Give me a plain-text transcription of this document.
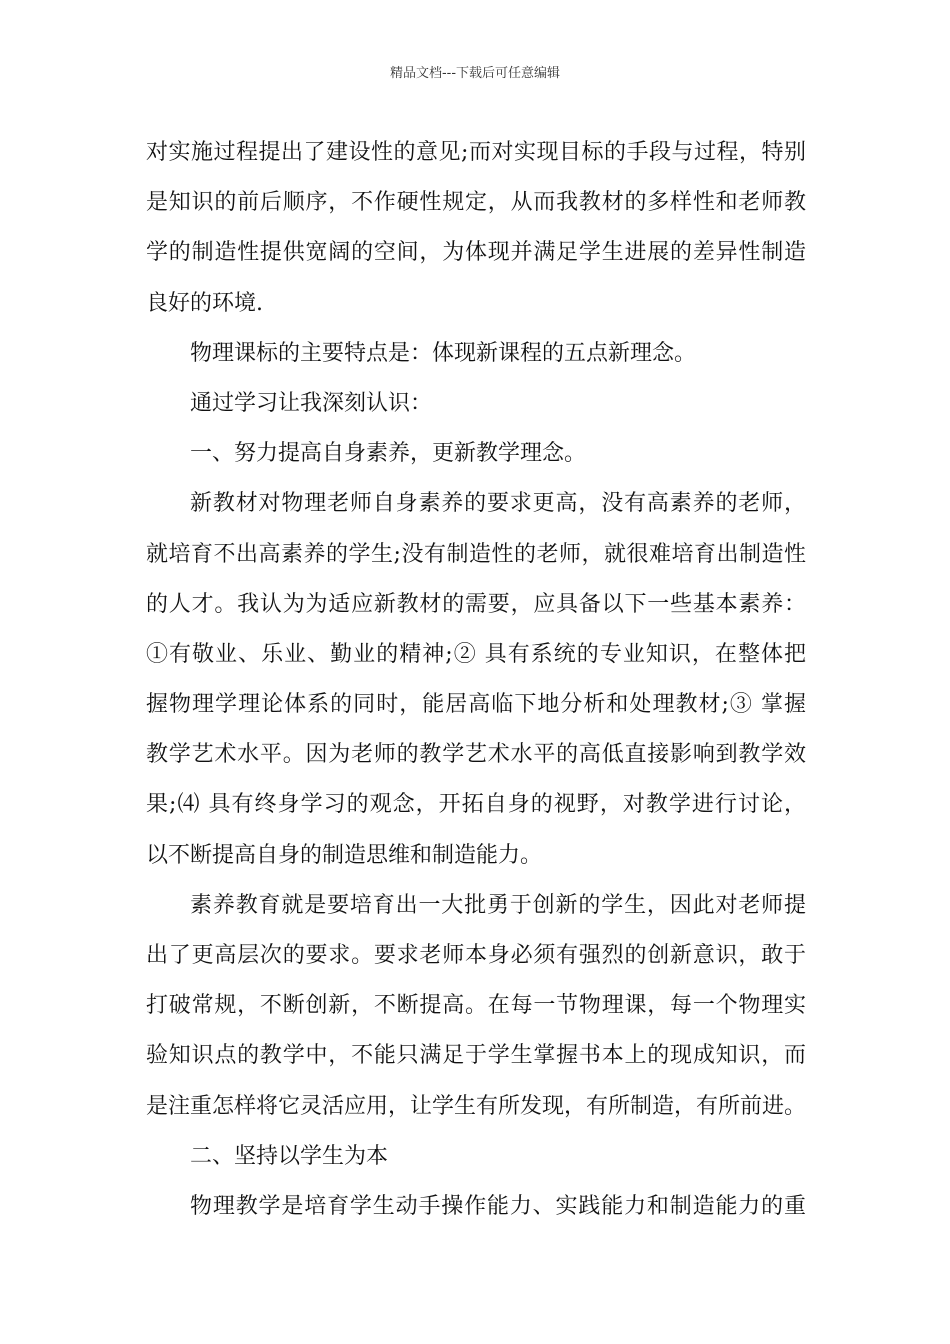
精品文档---下载后可任意编辑
对实施过程提出了建设性的意见;而对实现目标的手段与过程，特别
是知识的前后顺序，不作硬性规定，从而我教材的多样性和老师教
学的制造性提供宽阔的空间，为体现并满足学生进展的差异性制造
良好的环境.
物理课标的主要特点是：体现新课程的五点新理念。
通过学习让我深刻认识：
一、努力提高自身素养，更新教学理念。
新教材对物理老师自身素养的要求更高，没有高素养的老师，
就培育不出高素养的学生;没有制造性的老师，就很难培育出制造性
的人才。我认为为适应新教材的需要，应具备以下一些基本素养：
①有敬业、乐业、勤业的精神;② 具有系统的专业知识，在整体把
握物理学理论体系的同时，能居高临下地分析和处理教材;③ 掌握
教学艺术水平。因为老师的教学艺术水平的高低直接影响到教学效
果;⑷ 具有终身学习的观念，开拓自身的视野，对教学进行讨论，
以不断提高自身的制造思维和制造能力。
素养教育就是要培育出一大批勇于创新的学生，因此对老师提
出了更高层次的要求。要求老师本身必须有强烈的创新意识，敢于
打破常规，不断创新，不断提高。在每一节物理课，每一个物理实
验知识点的教学中，不能只满足于学生掌握书本上的现成知识，而
是注重怎样将它灵活应用，让学生有所发现，有所制造，有所前进。
二、坚持以学生为本
物理教学是培育学生动手操作能力、实践能力和制造能力的重
